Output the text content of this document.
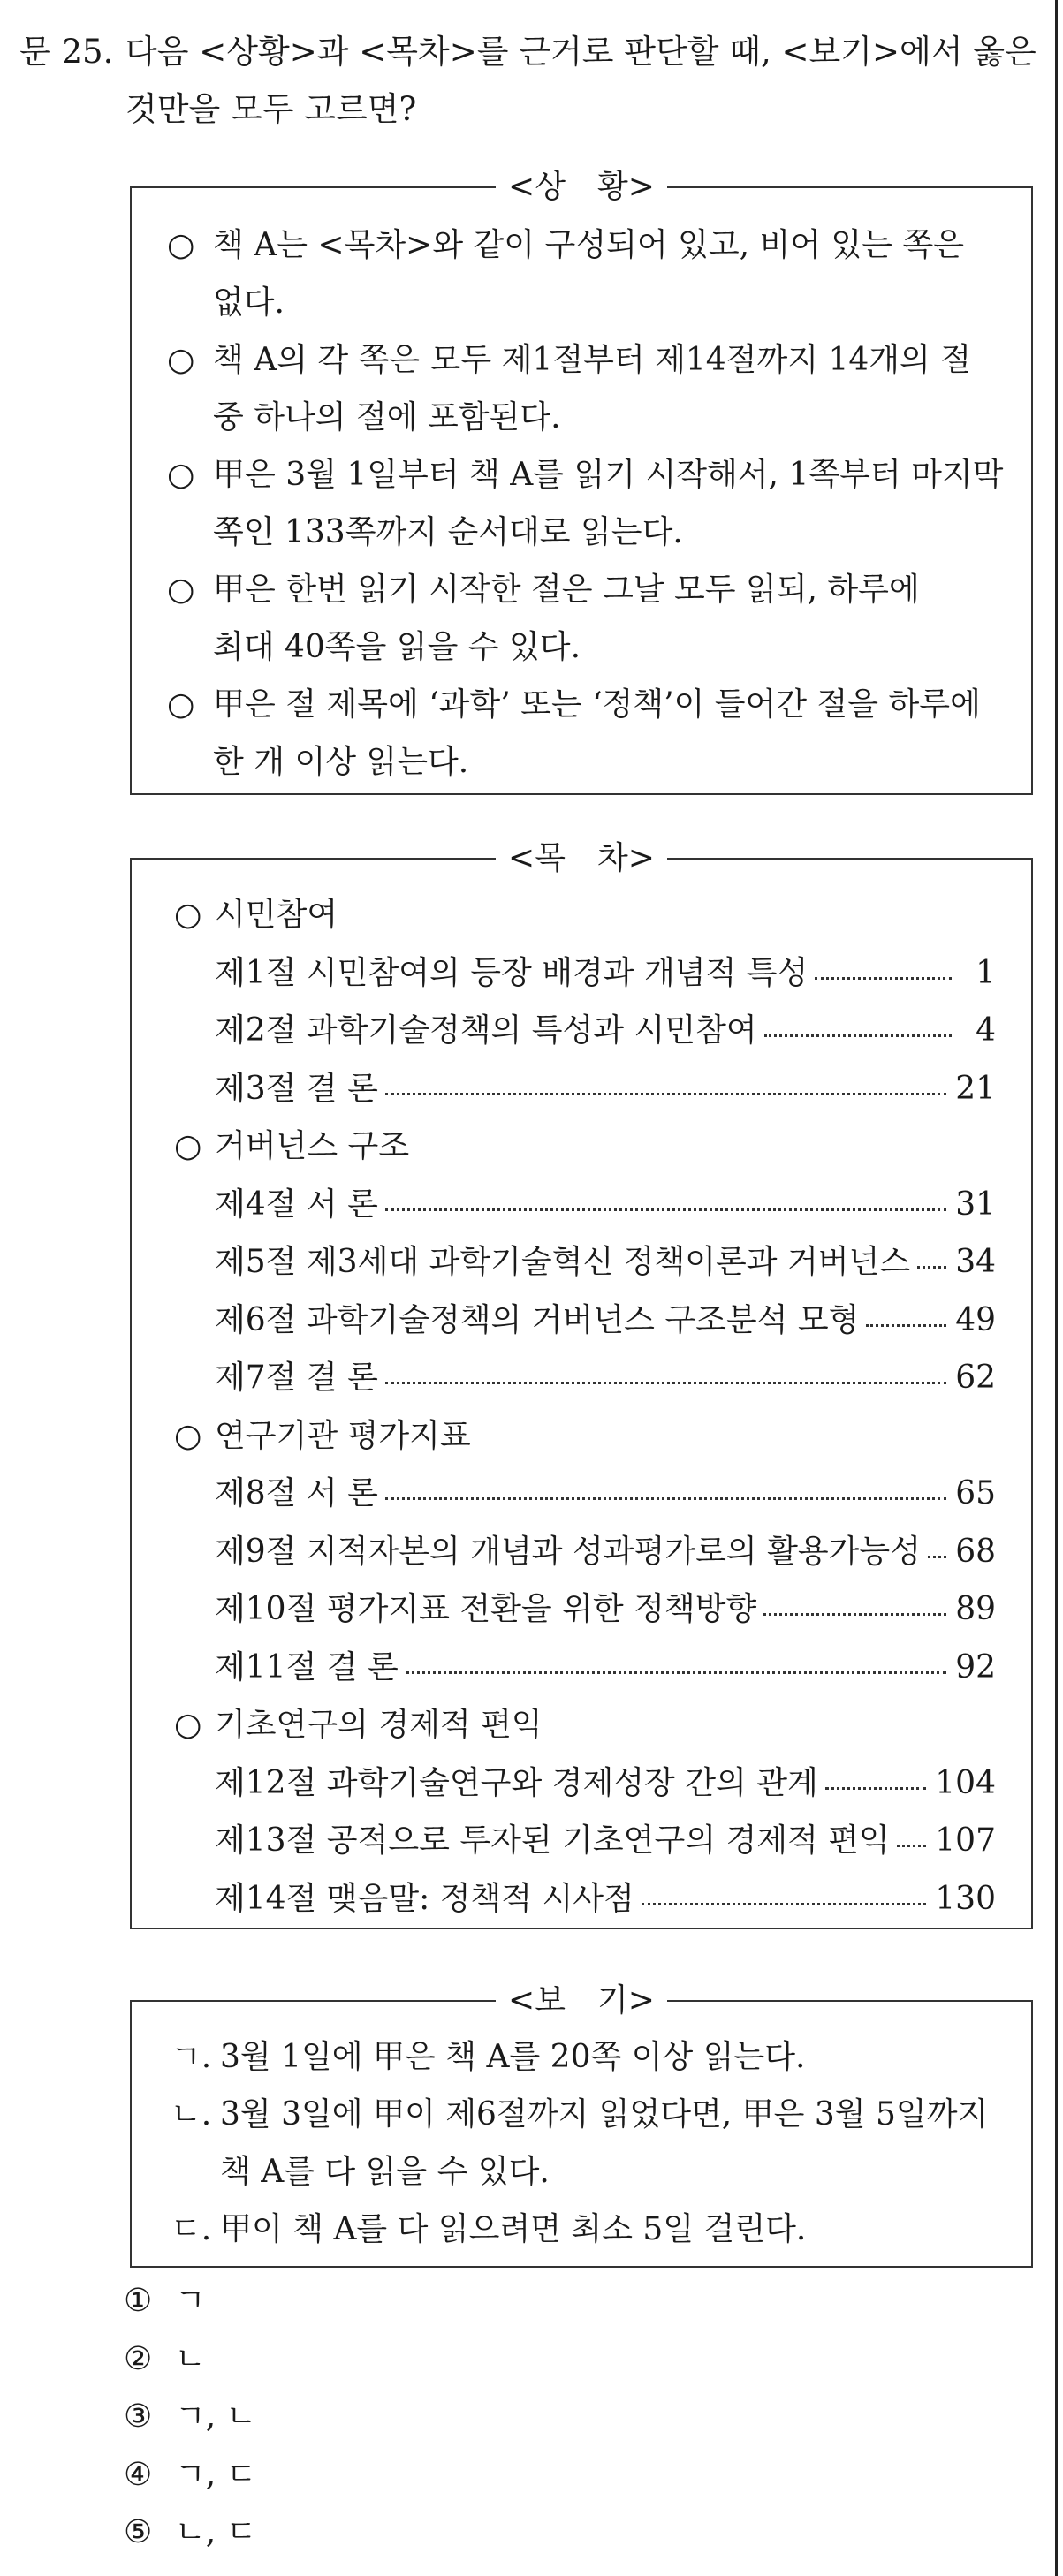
문 25. 다음 <상황>과 <목차>를 근거로 판단할 때, <보기>에서 옳은
것만을 모두 고르면?
<상　황>
○ 책 A는 <목차>와 같이 구성되어 있고, 비어 있는 쪽은
없다.
○ 책 A의 각 쪽은 모두 제1절부터 제14절까지 14개의 절
중 하나의 절에 포함된다.
○ 甲은 3월 1일부터 책 A를 읽기 시작해서, 1쪽부터 마지막
쪽인 133쪽까지 순서대로 읽는다.
○ 甲은 한번 읽기 시작한 절은 그날 모두 읽되, 하루에
최대 40쪽을 읽을 수 있다.
○ 甲은 절 제목에 ‘과학’ 또는 ‘정책’이 들어간 절을 하루에
한 개 이상 읽는다.
<목　차>
○ 시민참여
제1절 시민참여의 등장 배경과 개념적 특성	1
제2절 과학기술정책의 특성과 시민참여	4
제3절 결 론	21
○ 거버넌스 구조
제4절 서 론	31
제5절 제3세대 과학기술혁신 정책이론과 거버넌스 34
제6절 과학기술정책의 거버넌스 구조분석 모형	49
제7절 결 론	62
○ 연구기관 평가지표
제8절 서 론	65
제9절 지적자본의 개념과 성과평가로의 활용가능성 68
제10절 평가지표 전환을 위한 정책방향	89
제11절 결 론	92
○ 기초연구의 경제적 편익
제12절 과학기술연구와 경제성장 간의 관계	104
제13절 공적으로 투자된 기초연구의 경제적 편익 107
제14절 맺음말: 정책적 시사점	130
<보　기>
ㄱ. 3월 1일에 甲은 책 A를 20쪽 이상 읽는다.
ㄴ. 3월 3일에 甲이 제6절까지 읽었다면, 甲은 3월 5일까지
책 A를 다 읽을 수 있다.
ㄷ. 甲이 책 A를 다 읽으려면 최소 5일 걸린다.
① ㄱ
② ㄴ
③ ㄱ, ㄴ
④ ㄱ, ㄷ
⑤ ㄴ, ㄷ
